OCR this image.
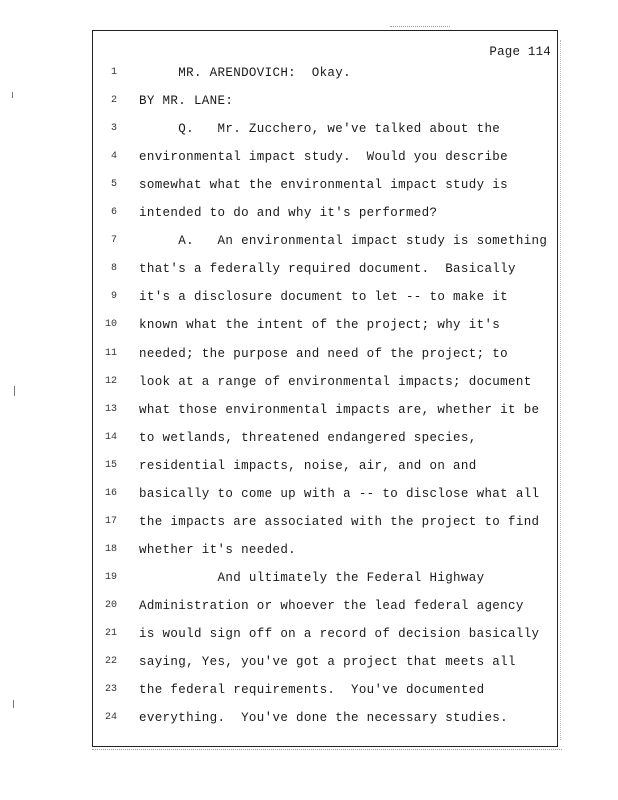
Page 114
1 MR. ARENDOVICH:  Okay.
2 BY MR. LANE:
3 Q.   Mr. Zucchero, we've talked about the
4 environmental impact study.  Would you describe
5 somewhat what the environmental impact study is
6 intended to do and why it's performed?
7 A.   An environmental impact study is something
8 that's a federally required document.  Basically
9 it's a disclosure document to let -- to make it
10 known what the intent of the project; why it's
11 needed; the purpose and need of the project; to
12 look at a range of environmental impacts; document
13 what those environmental impacts are, whether it be
14 to wetlands, threatened endangered species,
15 residential impacts, noise, air, and on and
16 basically to come up with a -- to disclose what all
17 the impacts are associated with the project to find
18 whether it's needed.
19 And ultimately the Federal Highway
20 Administration or whoever the lead federal agency
21 is would sign off on a record of decision basically
22 saying, Yes, you've got a project that meets all
23 the federal requirements.  You've documented
24 everything.  You've done the necessary studies.
